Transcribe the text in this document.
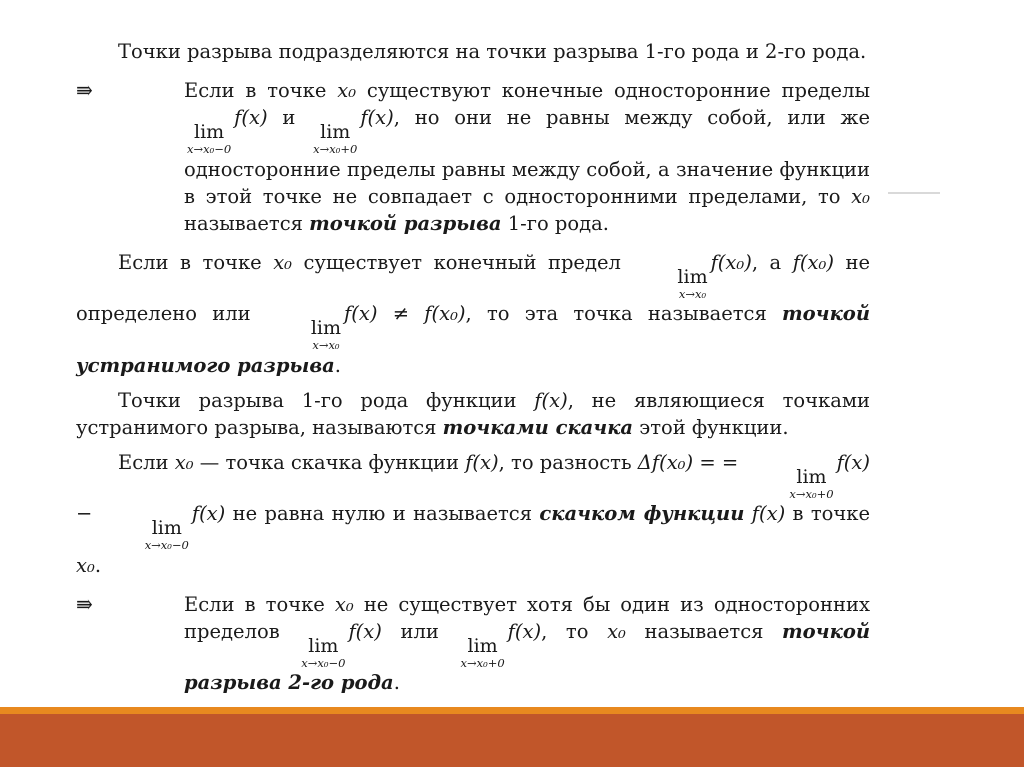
Точки разрыва подразделяются на точки разрыва 1-го рода и 2-го рода.

⇛	Если в точке x₀ существуют конечные односторонние пределы
lim
x→x₀−0
f(x) и
lim
x→x₀+0
f(x), но они не равны между собой, или же односторонние пределы равны между собой, а значение функции в этой точке не совпадает с односторонними пределами, то x₀ называется точкой разрыва 1-го рода.

Если в точке x₀ существует конечный предел
lim
x→x₀
f(x₀), а f(x₀) не определено или
lim
x→x₀
f(x) ≠ f(x₀), то эта точка называется точкой устранимого разрыва.

Точки разрыва 1-го рода функции f(x), не являющиеся точками устранимого разрыва, называются точками скачка этой функции.

Если x₀ — точка скачка функции f(x), то разность Δf(x₀) = =
lim
x→x₀+0
f(x)−
lim
x→x₀−0
f(x) не равна нулю и называется скачком функции f(x) в точке x₀.

⇛	Если в точке x₀ не существует хотя бы один из односторонних пределов
lim
x→x₀−0
f(x) или
lim
x→x₀+0
f(x), то x₀ называется точкой разрыва 2-го рода.
